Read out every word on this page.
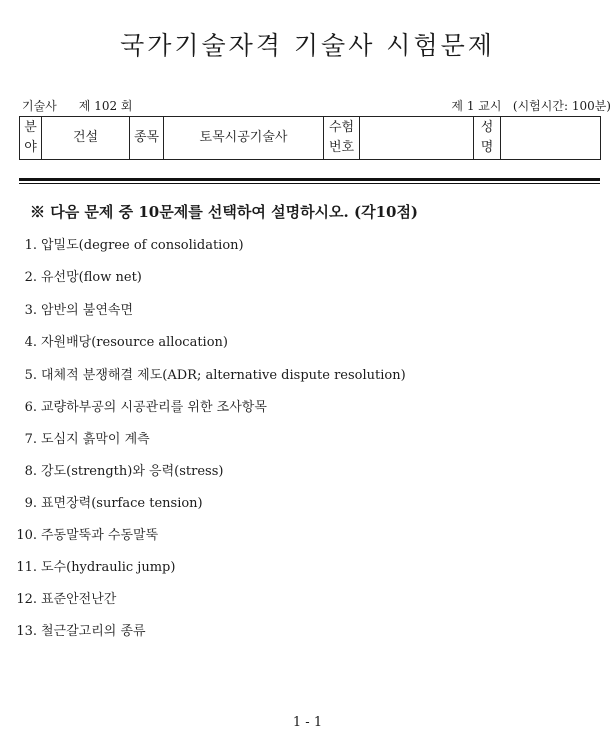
국가기술자격 기술사 시험문제
기술사 제 102 회	제 1 교시 (시험시간: 100분)
분 야	건설	종목	토목시공기술사	수험 번호		성 명	
※ 다음 문제 중 10문제를 선택하여 설명하시오. (각10점)
1. 압밀도(degree of consolidation)
2. 유선망(flow net)
3. 암반의 불연속면
4. 자원배당(resource allocation)
5. 대체적 분쟁해결 제도(ADR; alternative dispute resolution)
6. 교량하부공의 시공관리를 위한 조사항목
7. 도심지 흙막이 계측
8. 강도(strength)와 응력(stress)
9. 표면장력(surface tension)
10. 주동말뚝과 수동말뚝
11. 도수(hydraulic jump)
12. 표준안전난간
13. 철근갈고리의 종류
1 - 1
